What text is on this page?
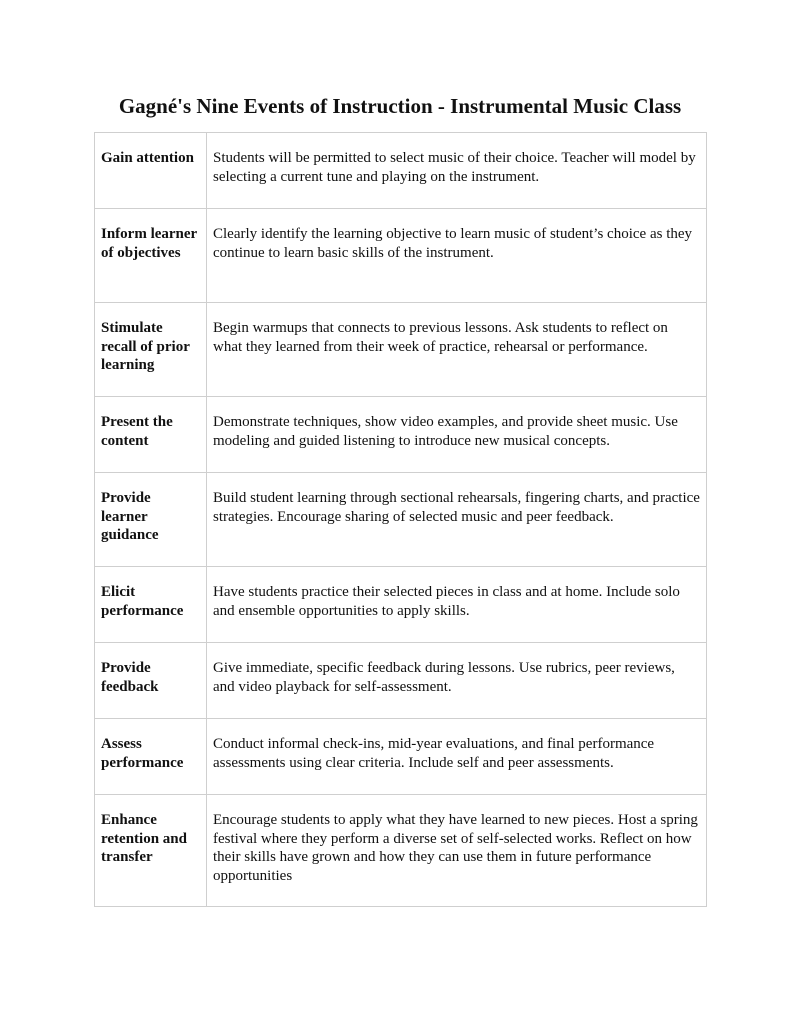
Gagné's Nine Events of Instruction - Instrumental Music Class
Gain attention	Students will be permitted to select music of their choice. Teacher will model by selecting a current tune and playing on the instrument.
Inform learner of objectives	Clearly identify the learning objective to learn music of student’s choice as they continue to learn basic skills of the instrument.
Stimulate recall of prior learning	Begin warmups that connects to previous lessons. Ask students to reflect on what they learned from their week of practice, rehearsal or performance.
Present the content	Demonstrate techniques, show video examples, and provide sheet music. Use modeling and guided listening to introduce new musical concepts.
Provide learner guidance	Build student learning through sectional rehearsals, fingering charts, and practice strategies. Encourage sharing of selected music and peer feedback.
Elicit performance	Have students practice their selected pieces in class and at home. Include solo and ensemble opportunities to apply skills.
Provide feedback	Give immediate, specific feedback during lessons. Use rubrics, peer reviews, and video playback for self-assessment.
Assess performance	Conduct informal check-ins, mid-year evaluations, and final performance assessments using clear criteria. Include self and peer assessments.
Enhance retention and transfer	Encourage students to apply what they have learned to new pieces. Host a spring festival where they perform a diverse set of self-selected works. Reflect on how their skills have grown and how they can use them in future performance opportunities
